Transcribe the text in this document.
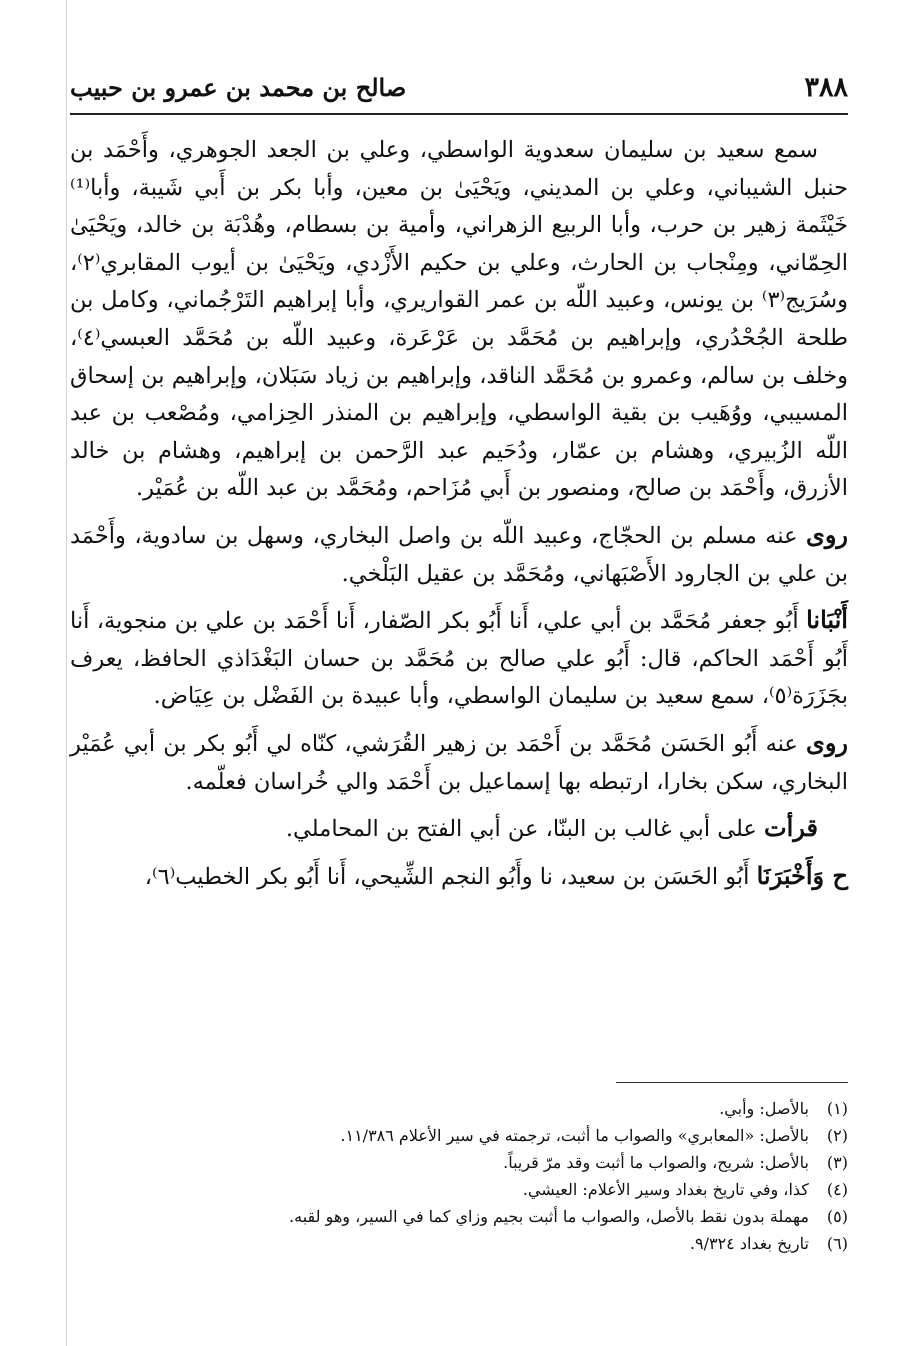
٣٨٨
صالح بن محمد بن عمرو بن حبيب

سمع سعيد بن سليمان سعدوية الواسطي، وعلي بن الجعد الجوهري، وأَحْمَد بن حنبل الشيباني، وعلي بن المديني، ويَحْيَىٰ بن معين، وأبا بكر بن أَبي شَيبة، وأبا⁽¹⁾ خَيْثَمة زهير بن حرب، وأبا الربيع الزهراني، وأمية بن بسطام، وهُدْبَة بن خالد، ويَحْيَىٰ الحِمّاني، ومِنْجاب بن الحارث، وعلي بن حكيم الأَزْدي، ويَحْيَىٰ بن أيوب المقابري⁽٢⁾، وسُرَيج⁽٣⁾ بن يونس، وعبيد اللّه بن عمر القواريري، وأبا إبراهيم التَرْجُماني، وكامل بن طلحة الجُحْدُري، وإبراهيم بن مُحَمَّد بن عَرْعَرة، وعبيد اللّه بن مُحَمَّد العبسي⁽٤⁾، وخلف بن سالم، وعمرو بن مُحَمَّد الناقد، وإبراهيم بن زياد سَبَلان، وإبراهيم بن إسحاق المسيبي، ووُهَيب بن بقية الواسطي، وإبراهيم بن المنذر الحِزامي، ومُصْعب بن عبد اللّه الزُبيري، وهشام بن عمّار، ودُحَيم عبد الرَّحمن بن إبراهيم، وهشام بن خالد الأزرق، وأَحْمَد بن صالح، ومنصور بن أَبي مُزَاحم، ومُحَمَّد بن عبد اللّه بن عُمَيْر.

روى عنه مسلم بن الحجّاج، وعبيد اللّه بن واصل البخاري، وسهل بن سادوية، وأَحْمَد بن علي بن الجارود الأَصْبَهاني، ومُحَمَّد بن عقيل البَلْخي.

أَنْبَانا أَبُو جعفر مُحَمَّد بن أبي علي، أَنا أَبُو بكر الصّفار، أَنا أَحْمَد بن علي بن منجوية، أَنا أَبُو أَحْمَد الحاكم، قال: أَبُو علي صالح بن مُحَمَّد بن حسان البَغْدَاذي الحافظ، يعرف بجَزَرَة⁽٥⁾، سمع سعيد بن سليمان الواسطي، وأبا عبيدة بن الفَضْل بن عِيَاض.

روى عنه أَبُو الحَسَن مُحَمَّد بن أَحْمَد بن زهير القُرَشي، كنّاه لي أَبُو بكر بن أبي عُمَيْر البخاري، سكن بخارا، ارتبطه بها إسماعيل بن أَحْمَد والي خُراسان فعلّمه.

قرأت على أبي غالب بن البنّا، عن أبي الفتح بن المحاملي.

ح وَأَخْبَرَنَا أَبُو الحَسَن بن سعيد، نا وأَبُو النجم الشِّيحي، أَنا أَبُو بكر الخطيب⁽٦⁾،

(١) بالأصل: وأبي.
(٢) بالأصل: «المعابري» والصواب ما أثبت، ترجمته في سير الأعلام ١١/٣٨٦.
(٣) بالأصل: شريح، والصواب ما أثبت وقد مرّ قريباً.
(٤) كذا، وفي تاريخ بغداد وسير الأعلام: العيشي.
(٥) مهملة بدون نقط بالأصل، والصواب ما أثبت بجيم وزاي كما في السير، وهو لقبه.
(٦) تاريخ بغداد ٩/٣٢٤.
